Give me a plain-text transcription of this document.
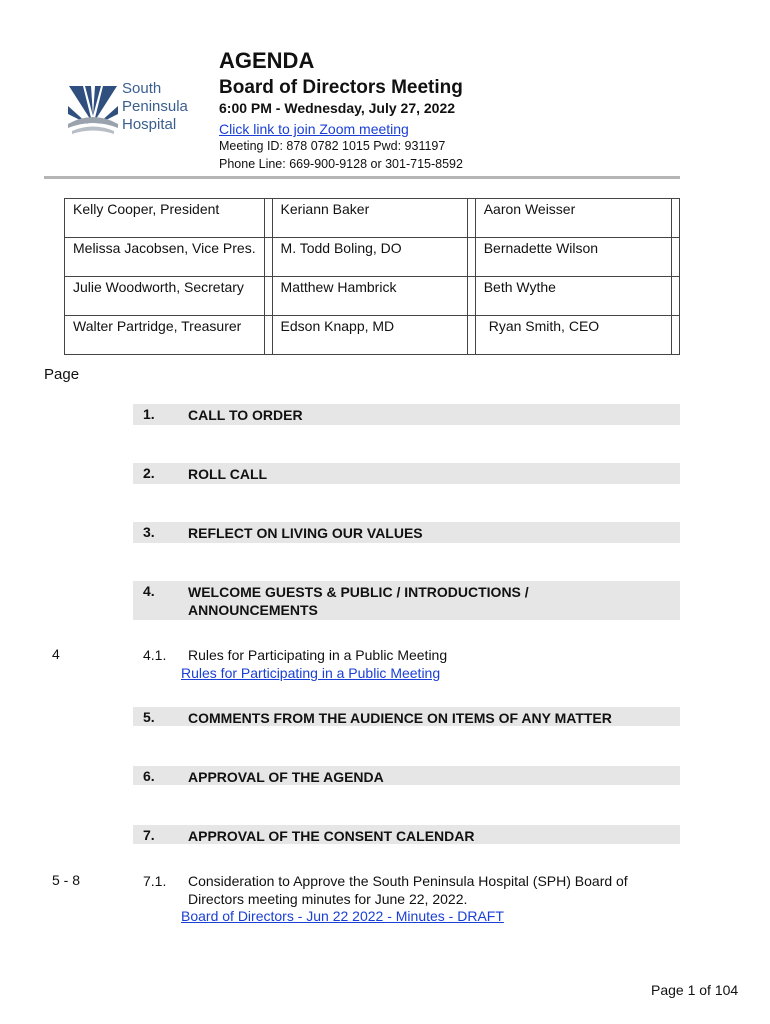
South
Peninsula
Hospital
AGENDA
Board of Directors Meeting
6:00 PM - Wednesday, July 27, 2022
Click link to join Zoom meeting
Meeting ID: 878 0782 1015 Pwd: 931197
Phone Line: 669-900-9128 or 301-715-8592
Kelly Cooper, President		Keriann Baker		Aaron Weisser	
Melissa Jacobsen, Vice Pres.		M. Todd Boling, DO		Bernadette Wilson	
Julie Woodworth, Secretary		Matthew Hambrick		Beth Wythe	
Walter Partridge, Treasurer		Edson Knapp, MD		Ryan Smith, CEO	
Page
1. CALL TO ORDER
2. ROLL CALL
3. REFLECT ON LIVING OUR VALUES
4. WELCOME GUESTS & PUBLIC / INTRODUCTIONS /
ANNOUNCEMENTS
4	4.1. Rules for Participating in a Public Meeting
Rules for Participating in a Public Meeting
5. COMMENTS FROM THE AUDIENCE ON ITEMS OF ANY MATTER
6. APPROVAL OF THE AGENDA
7. APPROVAL OF THE CONSENT CALENDAR
5 - 8	7.1. Consideration to Approve the South Peninsula Hospital (SPH) Board of
Directors meeting minutes for June 22, 2022.
Board of Directors - Jun 22 2022 - Minutes - DRAFT
Page 1 of 104
